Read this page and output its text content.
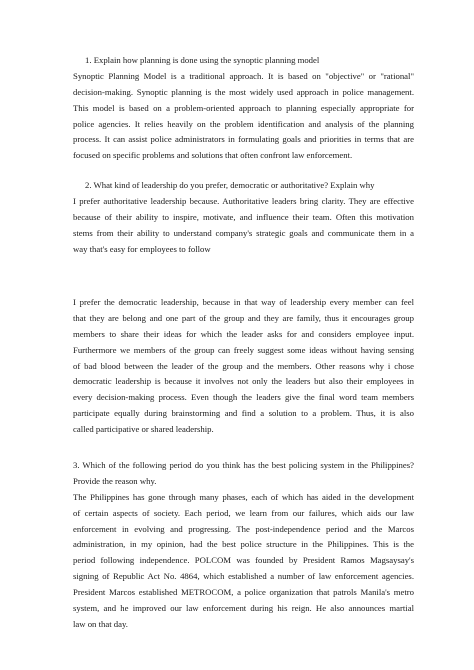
1. Explain how planning is done using the synoptic planning model
Synoptic Planning Model is a traditional approach. It is based on "objective" or "rational"
decision-making. Synoptic planning is the most widely used approach in police management.
This model is based on a problem-oriented approach to planning especially appropriate for
police agencies. It relies heavily on the problem identification and analysis of the planning
process. It can assist police administrators in formulating goals and priorities in terms that are
focused on specific problems and solutions that often confront law enforcement.
2. What kind of leadership do you prefer, democratic or authoritative? Explain why
I prefer authoritative leadership because. Authoritative leaders bring clarity. They are effective
because of their ability to inspire, motivate, and influence their team. Often this motivation
stems from their ability to understand company's strategic goals and communicate them in a
way that's easy for employees to follow
I prefer the democratic leadership, because in that way of leadership every member can feel
that they are belong and one part of the group and they are family, thus it encourages group
members to share their ideas for which the leader asks for and considers employee input.
Furthermore we members of the group can freely suggest some ideas without having sensing
of bad blood between the leader of the group and the members. Other reasons why i chose
democratic leadership is because it involves not only the leaders but also their employees in
every decision-making process. Even though the leaders give the final word team members
participate equally during brainstorming and find a solution to a problem. Thus, it is also
called participative or shared leadership.
3. Which of the following period do you think has the best policing system in the Philippines?
Provide the reason why.
The Philippines has gone through many phases, each of which has aided in the development
of certain aspects of society. Each period, we learn from our failures, which aids our law
enforcement in evolving and progressing. The post-independence period and the Marcos
administration, in my opinion, had the best police structure in the Philippines. This is the
period following independence. POLCOM was founded by President Ramos Magsaysay's
signing of Republic Act No. 4864, which established a number of law enforcement agencies.
President Marcos established METROCOM, a police organization that patrols Manila's metro
system, and he improved our law enforcement during his reign. He also announces martial
law on that day.
